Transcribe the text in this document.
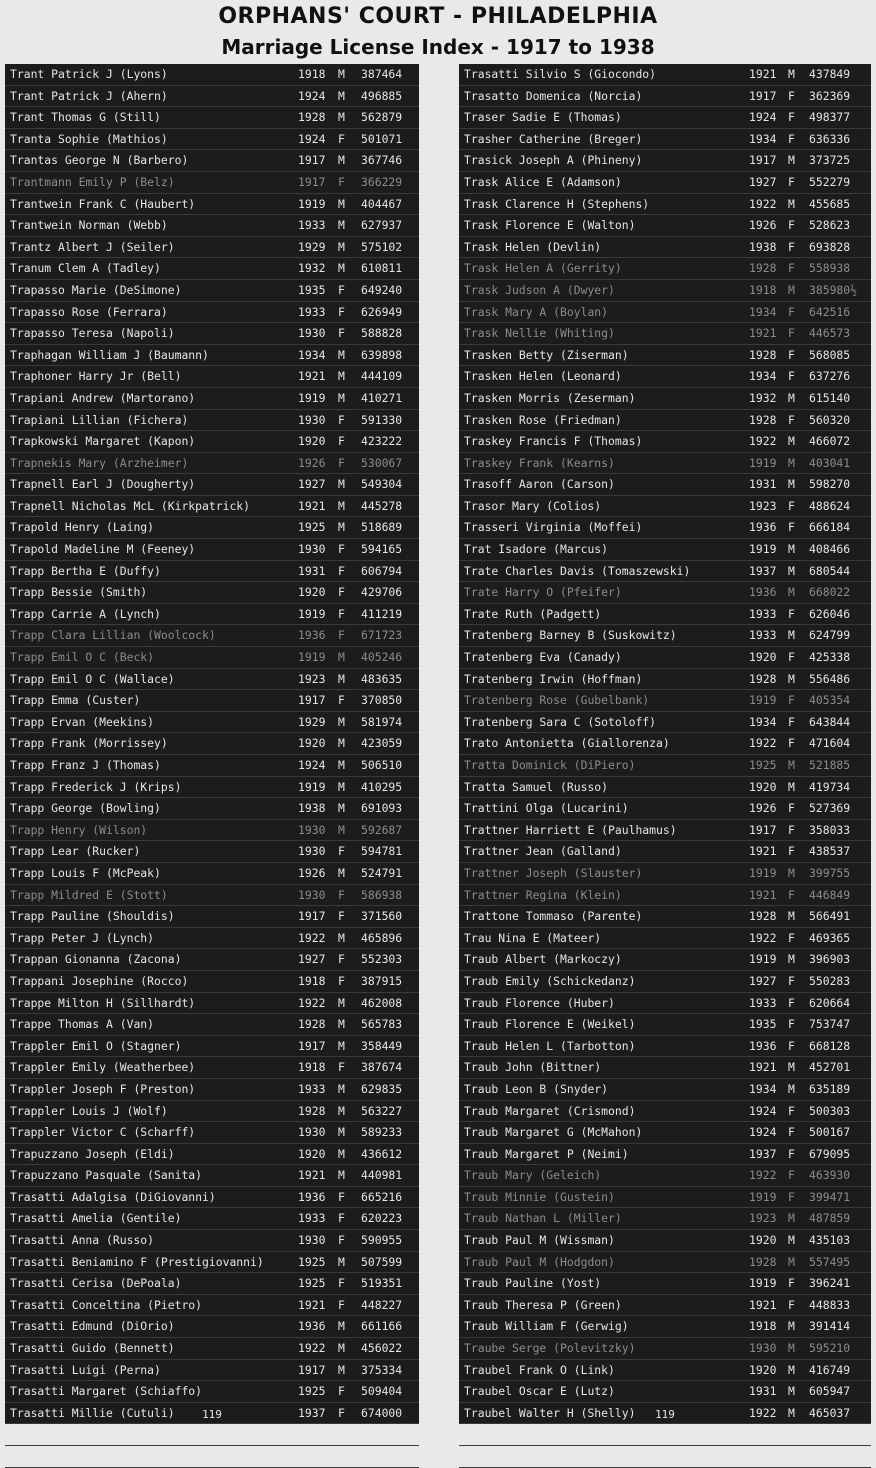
ORPHANS' COURT - PHILADELPHIA
Marriage License Index - 1917 to 1938
Trant Patrick J (Lyons)	1918 M 387464
Trant Patrick J (Ahern)	1924 M 496885
Trant Thomas G (Still)	1928 M 562879
Tranta Sophie (Mathios)	1924 F 501071
Trantas George N (Barbero)	1917 M 367746
Trantmann Emily P (Belz)	1917 F 366229
Trantwein Frank C (Haubert)	1919 M 404467
Trantwein Norman (Webb)	1933 M 627937
Trantz Albert J (Seiler)	1929 M 575102
Tranum Clem A (Tadley)	1932 M 610811
Trapasso Marie (DeSimone)	1935 F 649240
Trapasso Rose (Ferrara)	1933 F 626949
Trapasso Teresa (Napoli)	1930 F 588828
Traphagan William J (Baumann)	1934 M 639898
Traphoner Harry Jr (Bell)	1921 M 444109
Trapiani Andrew (Martorano)	1919 M 410271
Trapiani Lillian (Fichera)	1930 F 591330
Trapkowski Margaret (Kapon)	1920 F 423222
Trapnekis Mary (Arzheimer)	1926 F 530067
Trapnell Earl J (Dougherty)	1927 M 549304
Trapnell Nicholas McL (Kirkpatrick)	1921 M 445278
Trapold Henry (Laing)	1925 M 518689
Trapold Madeline M (Feeney)	1930 F 594165
Trapp Bertha E (Duffy)	1931 F 606794
Trapp Bessie (Smith)	1920 F 429706
Trapp Carrie A (Lynch)	1919 F 411219
Trapp Clara Lillian (Woolcock)	1936 F 671723
Trapp Emil O C (Beck)	1919 M 405246
Trapp Emil O C (Wallace)	1923 M 483635
Trapp Emma (Custer)	1917 F 370850
Trapp Ervan (Meekins)	1929 M 581974
Trapp Frank (Morrissey)	1920 M 423059
Trapp Franz J (Thomas)	1924 M 506510
Trapp Frederick J (Krips)	1919 M 410295
Trapp George (Bowling)	1938 M 691093
Trapp Henry (Wilson)	1930 M 592687
Trapp Lear (Rucker)	1930 F 594781
Trapp Louis F (McPeak)	1926 M 524791
Trapp Mildred E (Stott)	1930 F 586938
Trapp Pauline (Shouldis)	1917 F 371560
Trapp Peter J (Lynch)	1922 M 465896
Trappan Gionanna (Zacona)	1927 F 552303
Trappani Josephine (Rocco)	1918 F 387915
Trappe Milton H (Sillhardt)	1922 M 462008
Trappe Thomas A (Van)	1928 M 565783
Trappler Emil O (Stagner)	1917 M 358449
Trappler Emily (Weatherbee)	1918 F 387674
Trappler Joseph F (Preston)	1933 M 629835
Trappler Louis J (Wolf)	1928 M 563227
Trappler Victor C (Scharff)	1930 M 589233
Trapuzzano Joseph (Eldi)	1920 M 436612
Trapuzzano Pasquale (Sanita)	1921 M 440981
Trasatti Adalgisa (DiGiovanni)	1936 F 665216
Trasatti Amelia (Gentile)	1933 F 620223
Trasatti Anna (Russo)	1930 F 590955
Trasatti Beniamino F (Prestigiovanni)	1925 M 507599
Trasatti Cerisa (DePoala)	1925 F 519351
Trasatti Conceltina (Pietro)	1921 F 448227
Trasatti Edmund (DiOrio)	1936 M 661166
Trasatti Guido (Bennett)	1922 M 456022
Trasatti Luigi (Perna)	1917 M 375334
Trasatti Margaret (Schiaffo)	1925 F 509404
Trasatti Millie (Cutuli)	1937 F 674000
Trasatti Pasquale N (Fittro)	1935 M 657857
Trasatti Richard (Ranieri)	1938 M 688153
119
Trasatti Silvio S (Giocondo)	1921 M 437849
Trasatto Domenica (Norcia)	1917 F 362369
Traser Sadie E (Thomas)	1924 F 498377
Trasher Catherine (Breger)	1934 F 636336
Trasick Joseph A (Phineny)	1917 M 373725
Trask Alice E (Adamson)	1927 F 552279
Trask Clarence H (Stephens)	1922 M 455685
Trask Florence E (Walton)	1926 F 528623
Trask Helen (Devlin)	1938 F 693828
Trask Helen A (Gerrity)	1928 F 558938
Trask Judson A (Dwyer)	1918 M 385980½
Trask Mary A (Boylan)	1934 F 642516
Trask Nellie (Whiting)	1921 F 446573
Trasken Betty (Ziserman)	1928 F 568085
Trasken Helen (Leonard)	1934 F 637276
Trasken Morris (Zeserman)	1932 M 615140
Trasken Rose (Friedman)	1928 F 560320
Traskey Francis F (Thomas)	1922 M 466072
Traskey Frank (Kearns)	1919 M 403041
Trasoff Aaron (Carson)	1931 M 598270
Trasor Mary (Colios)	1923 F 488624
Trasseri Virginia (Moffei)	1936 F 666184
Trat Isadore (Marcus)	1919 M 408466
Trate Charles Davis (Tomaszewski)	1937 M 680544
Trate Harry O (Pfeifer)	1936 M 668022
Trate Ruth (Padgett)	1933 F 626046
Tratenberg Barney B (Suskowitz)	1933 M 624799
Tratenberg Eva (Canady)	1920 F 425338
Tratenberg Irwin (Hoffman)	1928 M 556486
Tratenberg Rose (Gubelbank)	1919 F 405354
Tratenberg Sara C (Sotoloff)	1934 F 643844
Trato Antonietta (Giallorenza)	1922 F 471604
Tratta Dominick (DiPiero)	1925 M 521885
Tratta Samuel (Russo)	1920 M 419734
Trattini Olga (Lucarini)	1926 F 527369
Trattner Harriett E (Paulhamus)	1917 F 358033
Trattner Jean (Galland)	1921 F 438537
Trattner Joseph (Slauster)	1919 M 399755
Trattner Regina (Klein)	1921 F 446849
Trattone Tommaso (Parente)	1928 M 566491
Trau Nina E (Mateer)	1922 F 469365
Traub Albert (Markoczy)	1919 M 396903
Traub Emily (Schickedanz)	1927 F 550283
Traub Florence (Huber)	1933 F 620664
Traub Florence E (Weikel)	1935 F 753747
Traub Helen L (Tarbotton)	1936 F 668128
Traub John (Bittner)	1921 M 452701
Traub Leon B (Snyder)	1934 M 635189
Traub Margaret (Crismond)	1924 F 500303
Traub Margaret G (McMahon)	1924 F 500167
Traub Margaret P (Neimi)	1937 F 679095
Traub Mary (Geleich)	1922 F 463930
Traub Minnie (Gustein)	1919 F 399471
Traub Nathan L (Miller)	1923 M 487859
Traub Paul M (Wissman)	1920 M 435103
Traub Paul M (Hodgdon)	1928 M 557495
Traub Pauline (Yost)	1919 F 396241
Traub Theresa P (Green)	1921 F 448833
Traub William F (Gerwig)	1918 M 391414
Traube Serge (Polevitzky)	1930 M 595210
Traubel Frank O (Link)	1920 M 416749
Traubel Oscar E (Lutz)	1931 M 605947
Traubel Walter H (Shelly)	1922 M 465037
Traubert Carl E (Sebold)	1937 M 674804
Trauch Teressa (Stoisits)	1918 F 384008
119
